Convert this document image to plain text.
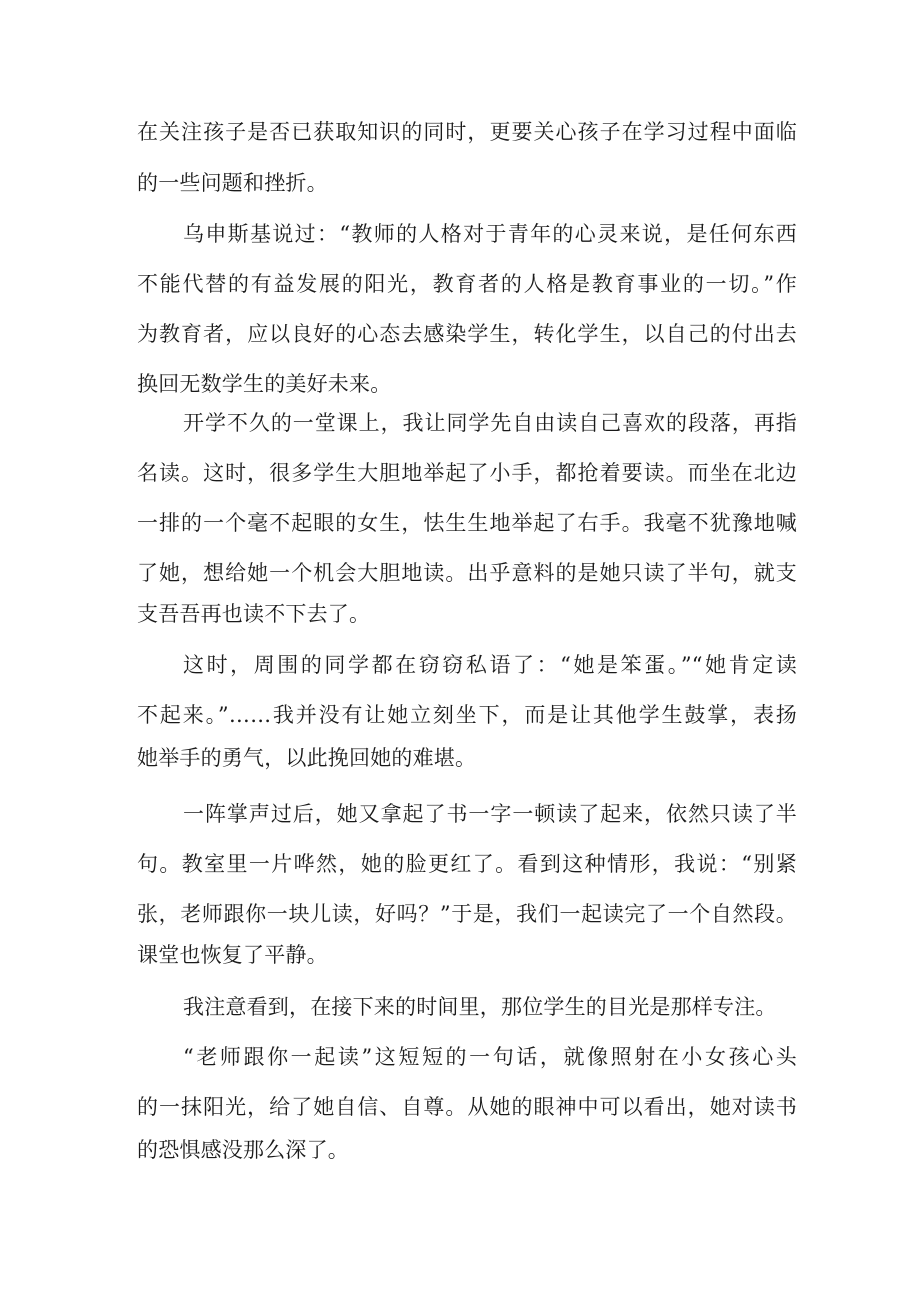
在关注孩子是否已获取知识的同时，更要关心孩子在学习过程中面临
的一些问题和挫折。
乌申斯基说过：“教师的人格对于青年的心灵来说，是任何东西
不能代替的有益发展的阳光，教育者的人格是教育事业的一切。”作
为教育者，应以良好的心态去感染学生，转化学生，以自己的付出去
换回无数学生的美好未来。
开学不久的一堂课上，我让同学先自由读自己喜欢的段落，再指
名读。这时，很多学生大胆地举起了小手，都抢着要读。而坐在北边
一排的一个毫不起眼的女生，怯生生地举起了右手。我毫不犹豫地喊
了她，想给她一个机会大胆地读。出乎意料的是她只读了半句，就支
支吾吾再也读不下去了。
这时，周围的同学都在窃窃私语了：“她是笨蛋。”“她肯定读
不起来。”……我并没有让她立刻坐下，而是让其他学生鼓掌，表扬
她举手的勇气，以此挽回她的难堪。
一阵掌声过后，她又拿起了书一字一顿读了起来，依然只读了半
句。教室里一片哗然，她的脸更红了。看到这种情形，我说：“别紧
张，老师跟你一块儿读，好吗？”于是，我们一起读完了一个自然段。
课堂也恢复了平静。
我注意看到，在接下来的时间里，那位学生的目光是那样专注。
“老师跟你一起读”这短短的一句话，就像照射在小女孩心头
的一抹阳光，给了她自信、自尊。从她的眼神中可以看出，她对读书
的恐惧感没那么深了。
